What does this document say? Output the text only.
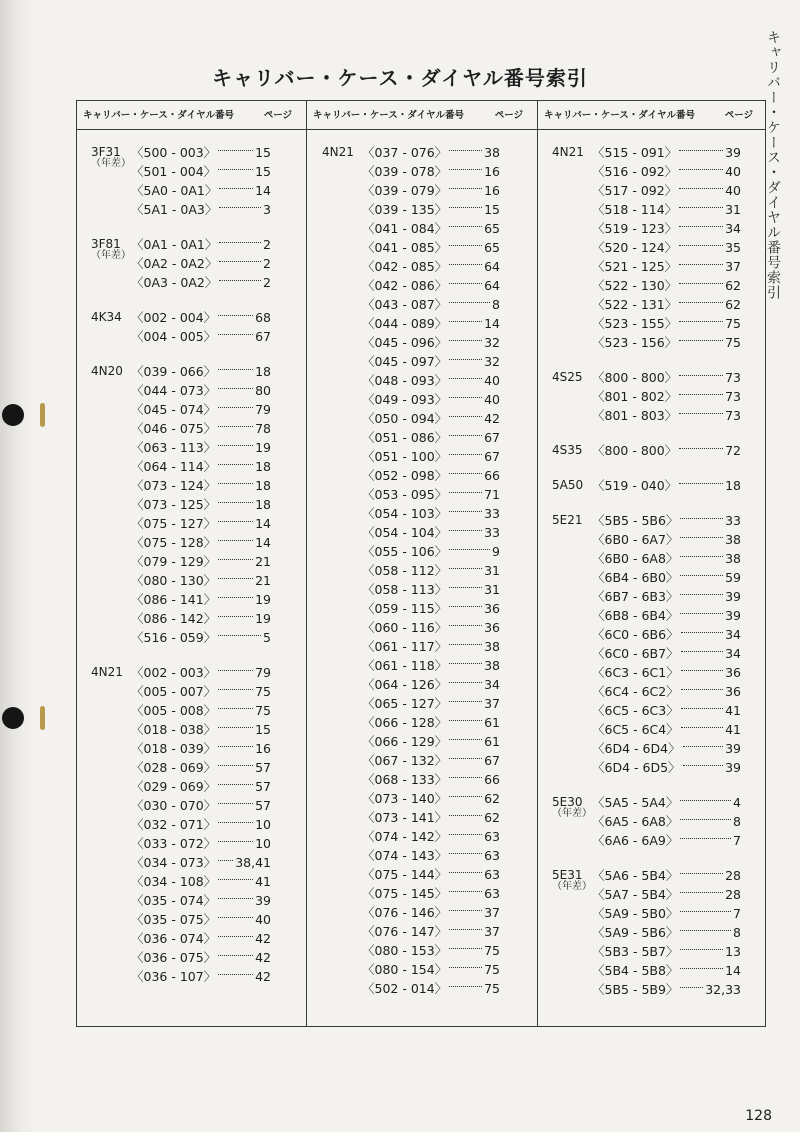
キャリバー・ケース・ダイヤル番号索引	キャリバー・ケース・ダイヤル番号索引
キャリバー・ケース・ダイヤル番号	ページ キャリバー・ケース・ダイヤル番号	ページ キャリバー・ケース・ダイヤル番号	ページ
3F31
（年差）
〈500 - 003〉	15
〈501 - 004〉	15
〈5A0 - 0A1〉	14
〈5A1 - 0A3〉	3
3F81
（年差）
〈0A1 - 0A1〉	2
〈0A2 - 0A2〉	2
〈0A3 - 0A2〉	2
4K34 〈002 - 004〉	68
〈004 - 005〉	67
4N20 〈039 - 066〉	18
〈044 - 073〉	80
〈045 - 074〉	79
〈046 - 075〉	78
〈063 - 113〉	19
〈064 - 114〉	18
〈073 - 124〉	18
〈073 - 125〉	18
〈075 - 127〉	14
〈075 - 128〉	14
〈079 - 129〉	21
〈080 - 130〉	21
〈086 - 141〉	19
〈086 - 142〉	19
〈516 - 059〉	5
4N21 〈002 - 003〉	79
〈005 - 007〉	75
〈005 - 008〉	75
〈018 - 038〉	15
〈018 - 039〉	16
〈028 - 069〉	57
〈029 - 069〉	57
〈030 - 070〉	57
〈032 - 071〉	10
〈033 - 072〉	10
〈034 - 073〉 38,41
〈034 - 108〉	41
〈035 - 074〉	39
〈035 - 075〉	40
〈036 - 074〉	42
〈036 - 075〉	42
〈036 - 107〉	42
4N21 〈037 - 076〉	38
〈039 - 078〉	16
〈039 - 079〉	16
〈039 - 135〉	15
〈041 - 084〉	65
〈041 - 085〉	65
〈042 - 085〉	64
〈042 - 086〉	64
〈043 - 087〉	8
〈044 - 089〉	14
〈045 - 096〉	32
〈045 - 097〉	32
〈048 - 093〉	40
〈049 - 093〉	40
〈050 - 094〉	42
〈051 - 086〉	67
〈051 - 100〉	67
〈052 - 098〉	66
〈053 - 095〉	71
〈054 - 103〉	33
〈054 - 104〉	33
〈055 - 106〉	9
〈058 - 112〉	31
〈058 - 113〉	31
〈059 - 115〉	36
〈060 - 116〉	36
〈061 - 117〉	38
〈061 - 118〉	38
〈064 - 126〉	34
〈065 - 127〉	37
〈066 - 128〉	61
〈066 - 129〉	61
〈067 - 132〉	67
〈068 - 133〉	66
〈073 - 140〉	62
〈073 - 141〉	62
〈074 - 142〉	63
〈074 - 143〉	63
〈075 - 144〉	63
〈075 - 145〉	63
〈076 - 146〉	37
〈076 - 147〉	37
〈080 - 153〉	75
〈080 - 154〉	75
〈502 - 014〉	75
4N21 〈515 - 091〉	39
〈516 - 092〉	40
〈517 - 092〉	40
〈518 - 114〉	31
〈519 - 123〉	34
〈520 - 124〉	35
〈521 - 125〉	37
〈522 - 130〉	62
〈522 - 131〉	62
〈523 - 155〉	75
〈523 - 156〉	75
4S25 〈800 - 800〉	73
〈801 - 802〉	73
〈801 - 803〉	73
4S35 〈800 - 800〉	72
5A50 〈519 - 040〉	18
5E21 〈5B5 - 5B6〉	33
〈6B0 - 6A7〉	38
〈6B0 - 6A8〉	38
〈6B4 - 6B0〉	59
〈6B7 - 6B3〉	39
〈6B8 - 6B4〉	39
〈6C0 - 6B6〉	34
〈6C0 - 6B7〉	34
〈6C3 - 6C1〉	36
〈6C4 - 6C2〉	36
〈6C5 - 6C3〉	41
〈6C5 - 6C4〉	41
〈6D4 - 6D4〉	39
〈6D4 - 6D5〉	39
5E30
（年差）
〈5A5 - 5A4〉	4
〈6A5 - 6A8〉	8
〈6A6 - 6A9〉	7
5E31
（年差）
〈5A6 - 5B4〉	28
〈5A7 - 5B4〉	28
〈5A9 - 5B0〉	7
〈5A9 - 5B6〉	8
〈5B3 - 5B7〉	13
〈5B4 - 5B8〉	14
〈5B5 - 5B9〉 32,33
128
